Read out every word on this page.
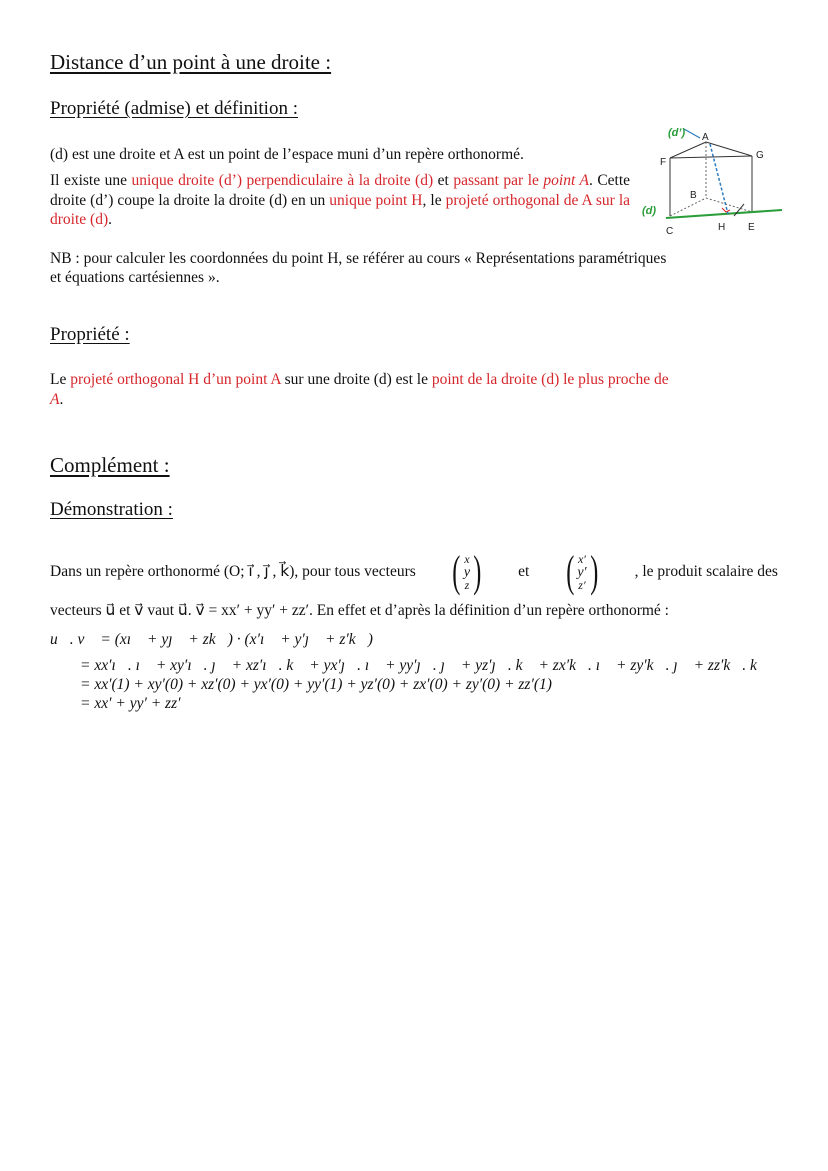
Distance d’un point à une droite :
Propriété (admise) et définition :
(d) est une droite et A est un point de l’espace muni d’un repère orthonormé.
Il existe une unique droite (d’) perpendiculaire à la droite (d) et passant par le point A. Cette droite (d’) coupe la droite la droite (d) en un unique point H, le projeté orthogonal de A sur la droite (d).
(d’) A
F
G
B
(d)
C	H E
NB : pour calculer les coordonnées du point H, se référer au cours « Représentations paramétriques
et équations cartésiennes ».
Propriété :
Le projeté orthogonal H d’un point A sur une droite (d) est le point de la droite (d) le plus proche de
A.
Complément :
Démonstration :
Dans un repère orthonormé (O; ı⃗ , ȷ⃗ , k⃗), pour tous vecteurs ( x
y
z ) et ( x′
y′
z′ ) , le produit scalaire des
vecteurs u⃗ et v⃗ vaut u⃗. v⃗ = xx′ + yy′ + zz′. En effet et d’après la définition d’un repère orthonormé :
u⃗. v⃗ = (xı⃗ + yȷ⃗ + zk⃗) · (x′ı⃗ + y′ȷ⃗ + z′k⃗)
= xx′ı⃗. ı⃗ + xy′ı⃗. ȷ⃗ + xz′ı⃗. k⃗ + yx′ȷ⃗. ı⃗ + yy′ȷ⃗. ȷ⃗ + yz′ȷ⃗. k⃗ + zx′k⃗. ı⃗ + zy′k⃗. ȷ⃗ + zz′k⃗. k⃗
= xx′(1) + xy′(0) + xz′(0) + yx′(0) + yy′(1) + yz′(0) + zx′(0) + zy′(0) + zz′(1)
= xx′ + yy′ + zz′
